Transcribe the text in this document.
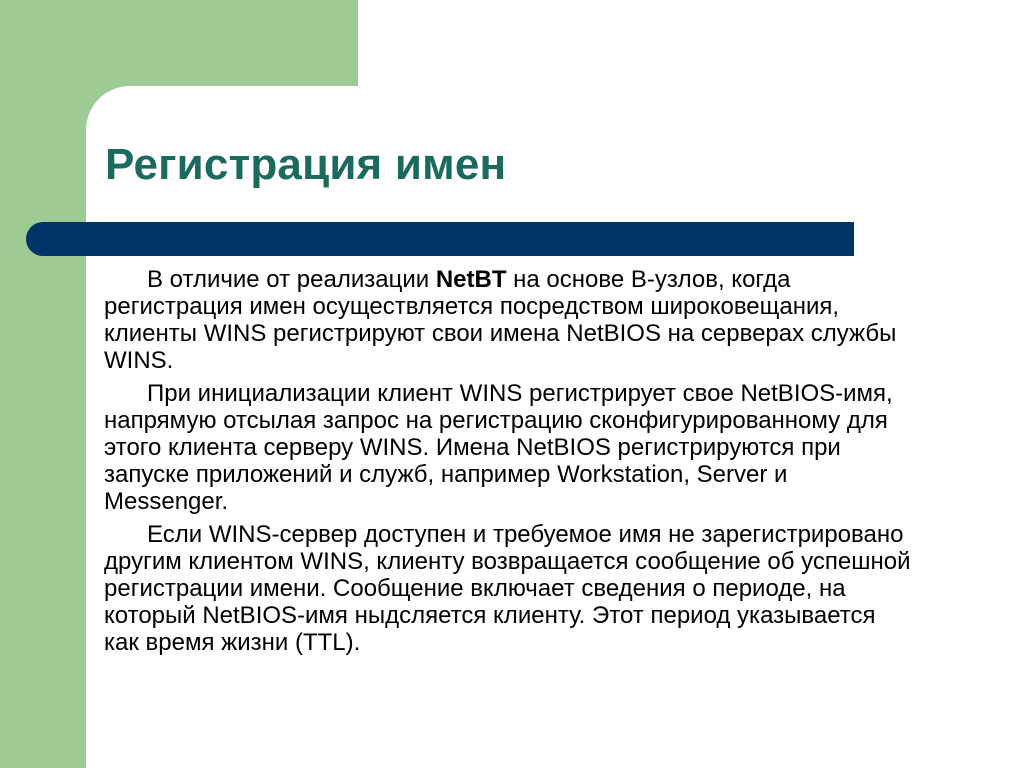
Регистрация имен

В отличие от реализации NetBT на основе B-узлов, когда регистрация имен осуществляется посредством широковещания, клиенты WINS регистрируют свои имена NetBIOS на серверах службы WINS.

При инициализации клиент WINS регистрирует свое NetBIOS-имя, напрямую отсылая запрос на регистрацию сконфигурированному для этого клиента серверу WINS. Имена NetBIOS регистрируются при запуске приложений и служб, например Workstation, Server и Messenger.

Если WINS-сервер доступен и требуемое имя не зарегистрировано другим клиентом WINS, клиенту возвращается сообщение об успешной регистрации имени. Сообщение включает сведения о периоде, на который NetBIOS-имя ныдсляется клиенту. Этот период указывается как время жизни (TTL).
